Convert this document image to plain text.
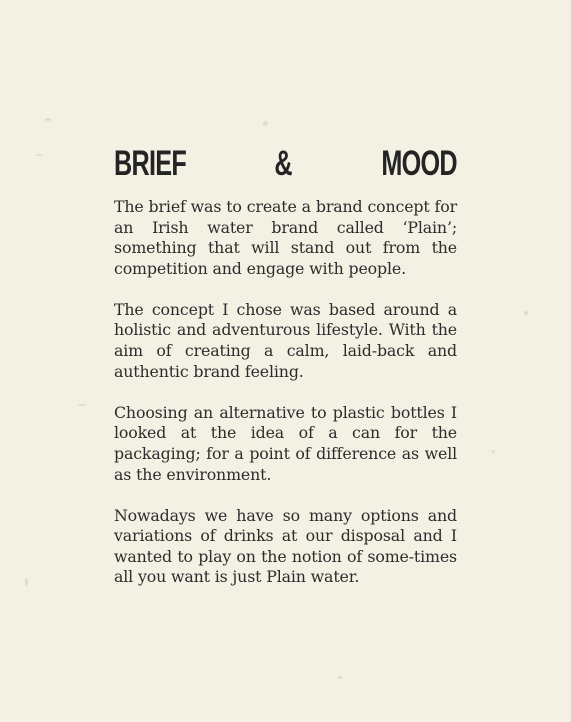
BRIEF	&	MOOD

The brief was to create a brand concept for an Irish water brand called ‘Plain’; something that will stand out from the competition and engage with people.

The concept I chose was based around a holistic and adventurous lifestyle. With the aim of creating a calm, laid-back and authentic brand feeling.

Choosing an alternative to plastic bottles I looked at the idea of a can for the packaging; for a point of difference as well as the environment.

Nowadays we have so many options and variations of drinks at our disposal and I wanted to play on the notion of some-times all you want is just Plain water.
